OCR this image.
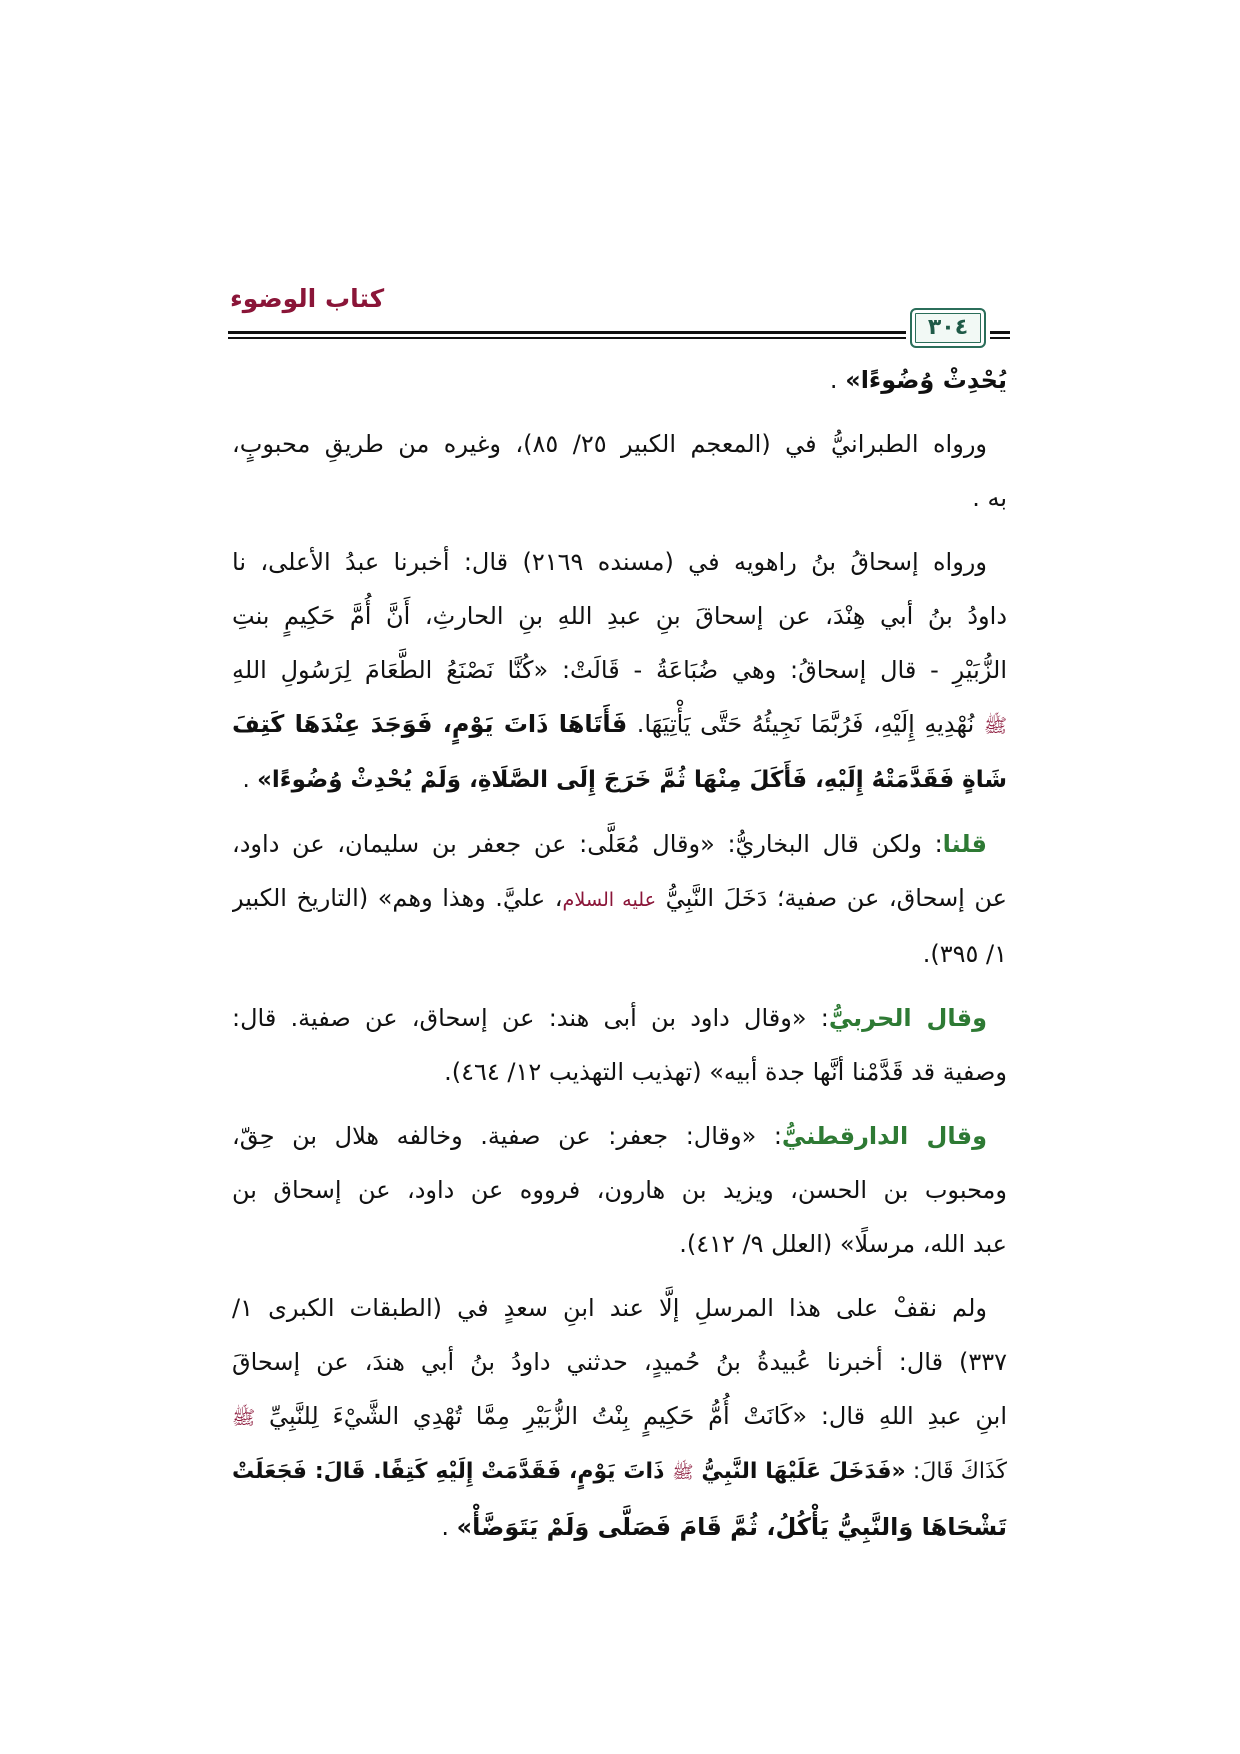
كتاب الوضوء
٣٠٤
يُحْدِثْ وُضُوءًا» .
ورواه الطبرانيُّ في (المعجم الكبير ٢٥/ ٨٥)، وغيره من طريقِ محبوبٍ،
به .
ورواه إسحاقُ بنُ راهويه في (مسنده ٢١٦٩) قال: أخبرنا عبدُ الأعلى، نا
داودُ بنُ أبي هِنْدَ، عن إسحاقَ بنِ عبدِ اللهِ بنِ الحارثِ، أَنَّ أُمَّ حَكِيمٍ بنتِ
الزُّبَيْرِ - قال إسحاقُ: وهي ضُبَاعَةُ - قَالَتْ: «كُنَّا نَصْنَعُ الطَّعَامَ لِرَسُولِ اللهِ
ﷺ نُهْدِيهِ إِلَيْهِ، فَرُبَّمَا نَجِيئُهُ حَتَّى يَأْتِيَهَا. فَأَتَاهَا ذَاتَ يَوْمٍ، فَوَجَدَ عِنْدَهَا كَتِفَ
شَاةٍ فَقَدَّمَتْهُ إِلَيْهِ، فَأَكَلَ مِنْهَا ثُمَّ خَرَجَ إِلَى الصَّلَاةِ، وَلَمْ يُحْدِثْ وُضُوءًا» .
قلنا: ولكن قال البخاريُّ: «وقال مُعَلَّى: عن جعفر بن سليمان، عن داود،
عن إسحاق، عن صفية؛ دَخَلَ النَّبِيُّ عليه السلام، عليَّ. وهذا وهم» (التاريخ الكبير
١/ ٣٩٥).
وقال الحربيُّ: «وقال داود بن أبى هند: عن إسحاق، عن صفية. قال:
وصفية قد قَدَّمْنا أنَّها جدة أبيه» (تهذيب التهذيب ١٢/ ٤٦٤).
وقال الدارقطنيُّ: «وقال: جعفر: عن صفية. وخالفه هلال بن حِقّ،
ومحبوب بن الحسن، ويزيد بن هارون، فرووه عن داود، عن إسحاق بن
عبد الله، مرسلًا» (العلل ٩/ ٤١٢).
ولم نقفْ على هذا المرسلِ إلَّا عند ابنِ سعدٍ في (الطبقات الكبرى ١/
٣٣٧) قال: أخبرنا عُبيدةُ بنُ حُميدٍ، حدثني داودُ بنُ أبي هندَ، عن إسحاقَ
ابنِ عبدِ اللهِ قال: «كَانَتْ أُمُّ حَكِيمٍ بِنْتُ الزُّبَيْرِ مِمَّا تُهْدِي الشَّيْءَ لِلنَّبِيِّ ﷺ
كَذَاكَ قَالَ: «فَدَخَلَ عَلَيْهَا النَّبِيُّ ﷺ ذَاتَ يَوْمٍ، فَقَدَّمَتْ إِلَيْهِ كَتِفًا. قَالَ: فَجَعَلَتْ
تَشْحَاهَا وَالنَّبِيُّ يَأْكُلُ، ثُمَّ قَامَ فَصَلَّى وَلَمْ يَتَوَضَّأْ» .
